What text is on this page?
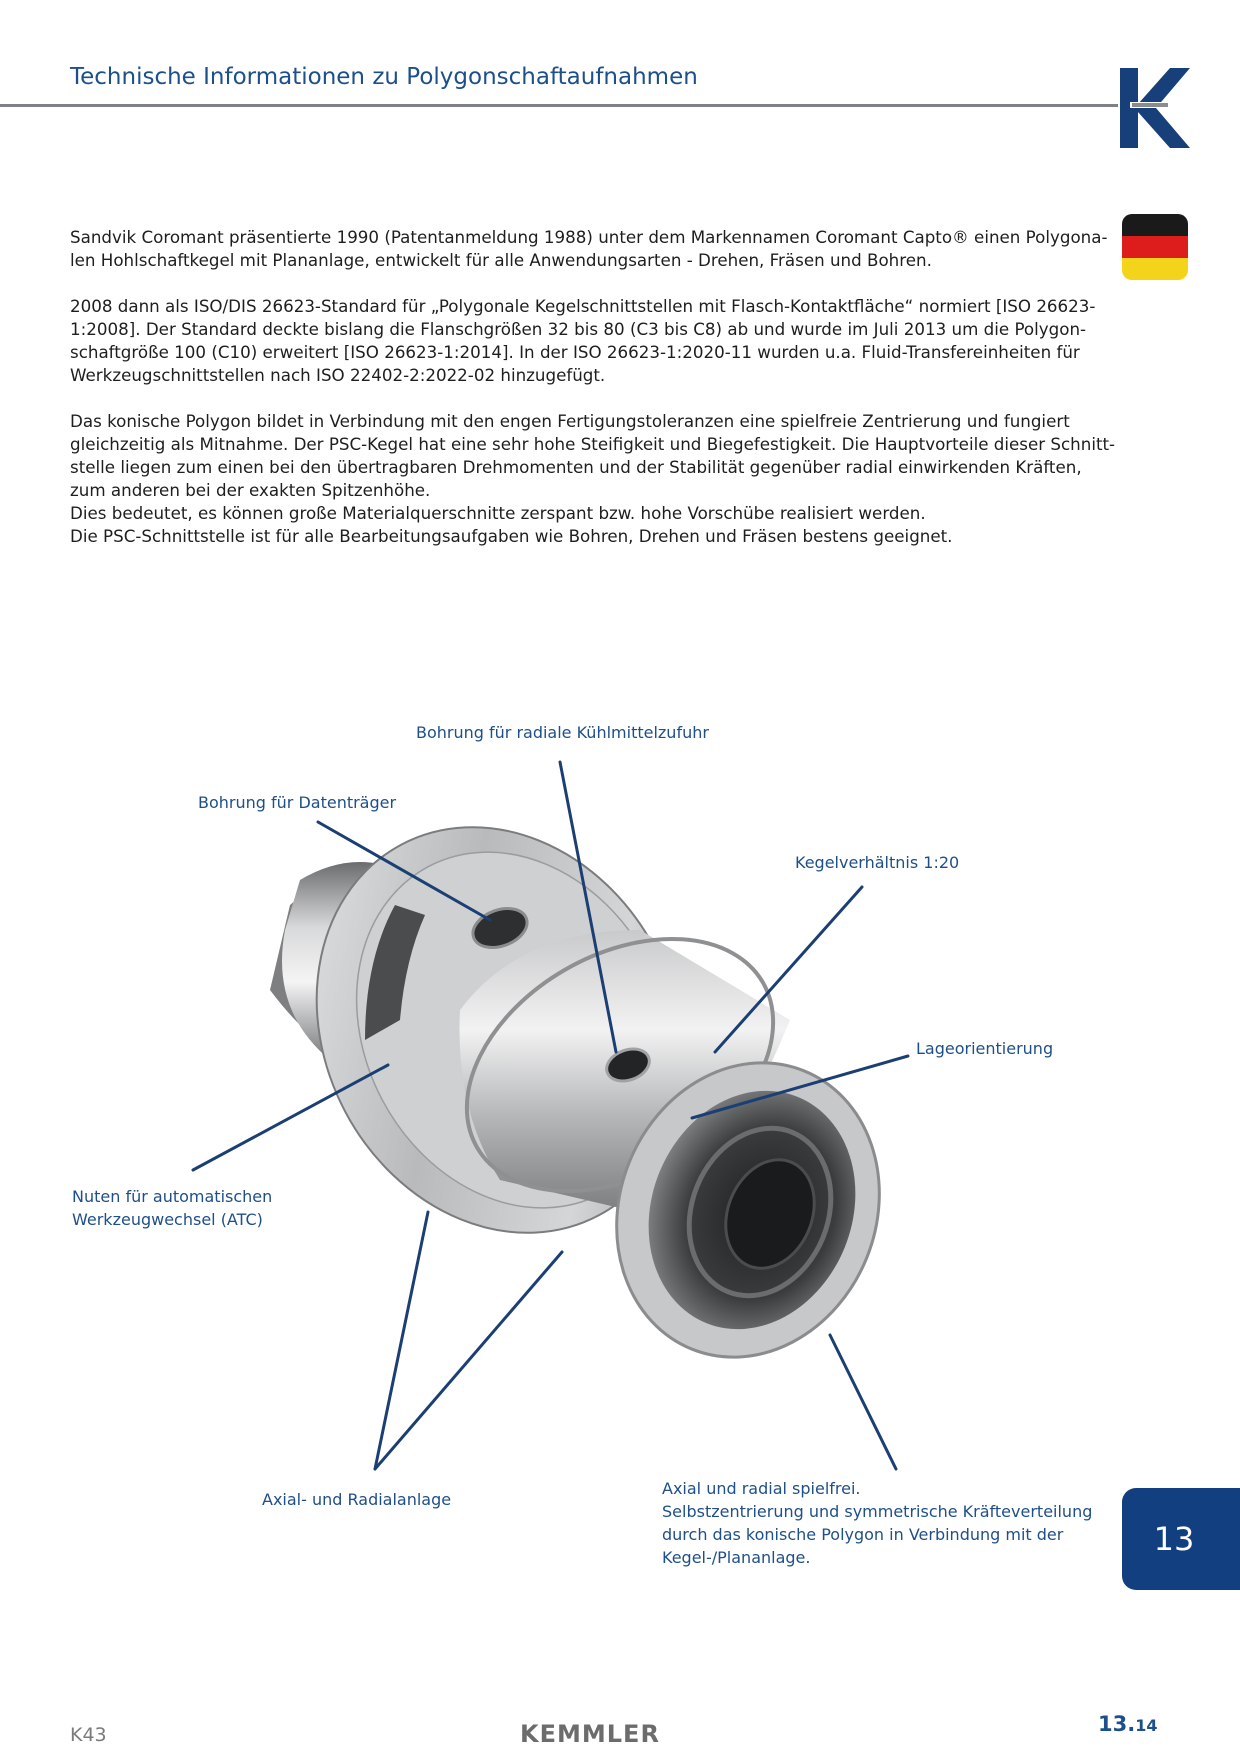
Technische Informationen zu Polygonschaftaufnahmen

Sandvik Coromant präsentierte 1990 (Patentanmeldung 1988) unter dem Markennamen Coromant Capto® einen Polygona-
len Hohlschaftkegel mit Plananlage, entwickelt für alle Anwendungsarten - Drehen, Fräsen und Bohren.

2008 dann als ISO/DIS 26623-Standard für „Polygonale Kegelschnittstellen mit Flasch-Kontaktfläche“ normiert [ISO 26623-
1:2008]. Der Standard deckte bislang die Flanschgrößen 32 bis 80 (C3 bis C8) ab und wurde im Juli 2013 um die Polygon-
schaftgröße 100 (C10) erweitert [ISO 26623-1:2014]. In der ISO 26623-1:2020-11 wurden u.a. Fluid-Transfereinheiten für
Werkzeugschnittstellen nach ISO 22402-2:2022-02 hinzugefügt.

Das konische Polygon bildet in Verbindung mit den engen Fertigungstoleranzen eine spielfreie Zentrierung und fungiert
gleichzeitig als Mitnahme. Der PSC-Kegel hat eine sehr hohe Steifigkeit und Biegefestigkeit. Die Hauptvorteile dieser Schnitt-
stelle liegen zum einen bei den übertragbaren Drehmomenten und der Stabilität gegenüber radial einwirkenden Kräften,
zum anderen bei der exakten Spitzenhöhe.
Dies bedeutet, es können große Materialquerschnitte zerspant bzw. hohe Vorschübe realisiert werden.
Die PSC-Schnittstelle ist für alle Bearbeitungsaufgaben wie Bohren, Drehen und Fräsen bestens geeignet.

Bohrung für radiale Kühlmittelzufuhr
Bohrung für Datenträger
Kegelverhältnis 1:20
Lageorientierung
Nuten für automatischen
Werkzeugwechsel (ATC)
Axial- und Radialanlage
Axial und radial spielfrei.
Selbstzentrierung und symmetrische Kräfteverteilung
durch das konische Polygon in Verbindung mit der
Kegel-/Plananlage.	13
K43	KEMMLER	13.14
